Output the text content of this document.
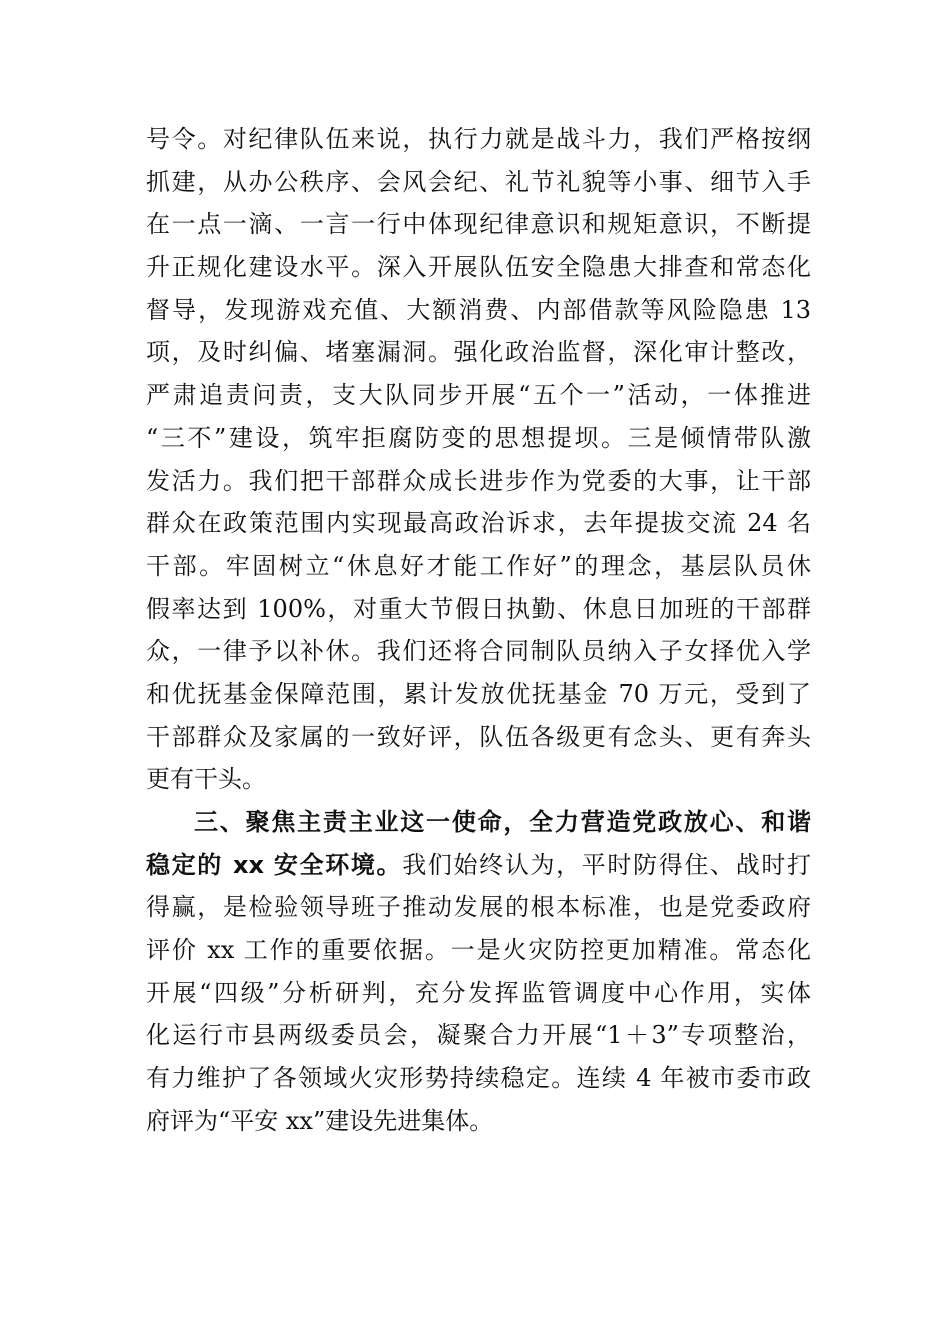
号令。对纪律队伍来说，执行力就是战斗力，我们严格按纲
抓建，从办公秩序、会风会纪、礼节礼貌等小事、细节入手
在一点一滴、一言一行中体现纪律意识和规矩意识，不断提
升正规化建设水平。深入开展队伍安全隐患大排查和常态化
督导，发现游戏充值、大额消费、内部借款等风险隐患 13
项，及时纠偏、堵塞漏洞。强化政治监督，深化审计整改，
严肃追责问责，支大队同步开展“五个一”活动，一体推进
“三不”建设，筑牢拒腐防变的思想提坝。三是倾情带队激
发活力。我们把干部群众成长进步作为党委的大事，让干部
群众在政策范围内实现最高政治诉求，去年提拔交流 24 名
干部。牢固树立“休息好才能工作好”的理念，基层队员休
假率达到 100%，对重大节假日执勤、休息日加班的干部群
众，一律予以补休。我们还将合同制队员纳入子女择优入学
和优抚基金保障范围，累计发放优抚基金 70 万元，受到了
干部群众及家属的一致好评，队伍各级更有念头、更有奔头
更有干头。
三、聚焦主责主业这一使命，全力营造党政放心、和谐
稳定的 xx 安全环境。我们始终认为，平时防得住、战时打
得赢，是检验领导班子推动发展的根本标准，也是党委政府
评价 xx 工作的重要依据。一是火灾防控更加精准。常态化
开展“四级”分析研判，充分发挥监管调度中心作用，实体
化运行市县两级委员会，凝聚合力开展“1＋3”专项整治，
有力维护了各领域火灾形势持续稳定。连续 4 年被市委市政
府评为“平安 xx”建设先进集体。
